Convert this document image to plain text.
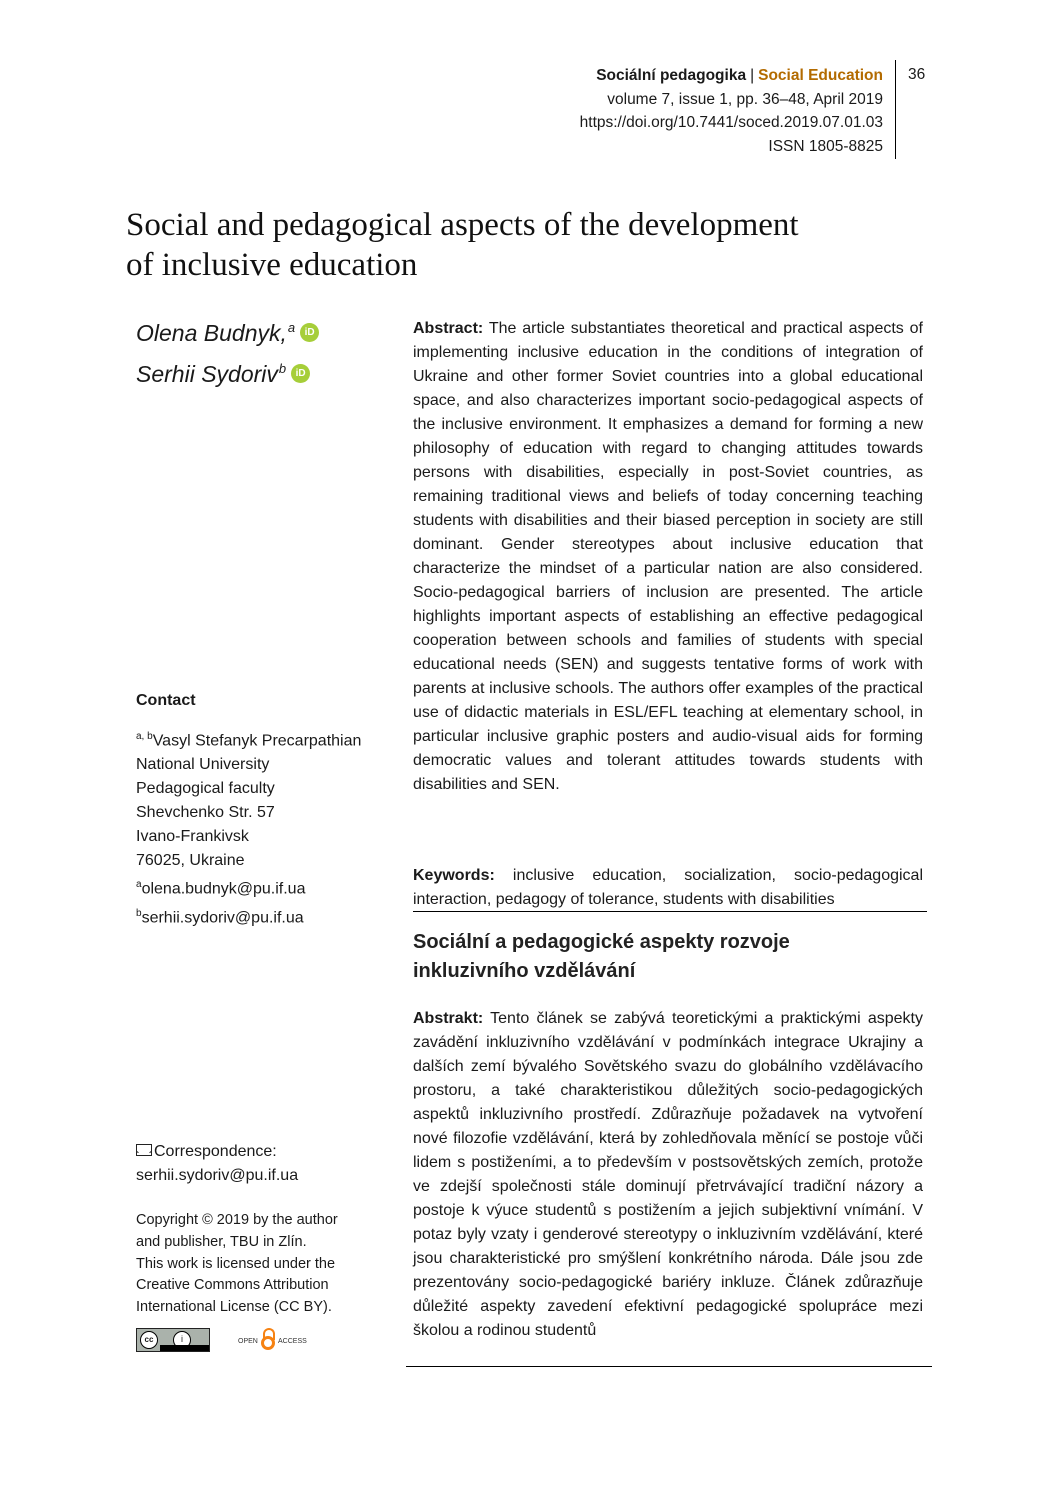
Sociální pedagogika | Social Education
volume 7, issue 1, pp. 36–48, April 2019
https://doi.org/10.7441/soced.2019.07.01.03
ISSN 1805-8825
36
Social and pedagogical aspects of the development
of inclusive education
Olena Budnyk,$^a$ iD
Serhii Sydoriv$^b$ iD
Contact
$^{a, b}$Vasyl Stefanyk Precarpathian
National University
Pedagogical faculty
Shevchenko Str. 57
Ivano-Frankivsk
76025, Ukraine
$^a$olena.budnyk@pu.if.ua
$^b$serhii.sydoriv@pu.if.ua
Correspondence:
serhii.sydoriv@pu.if.ua
Copyright © 2019 by the author
and publisher, TBU in Zlín.
This work is licensed under the
Creative Commons Attribution
International License (CC BY).
cc	i	OPEN	ACCESS
Abstract: The article substantiates theoretical and practical aspects of implementing inclusive education in the conditions of integration of Ukraine and other former Soviet countries into a global educational space, and also characterizes important socio-pedagogical aspects of the inclusive environment. It emphasizes a demand for forming a new philosophy of education with regard to changing attitudes towards persons with disabilities, especially in post-Soviet countries, as remaining traditional views and beliefs of today concerning teaching students with disabilities and their biased perception in society are still dominant. Gender stereotypes about inclusive education that characterize the mindset of a particular nation are also considered. Socio-pedagogical barriers of inclusion are presented. The article highlights important aspects of establishing an effective pedagogical cooperation between schools and families of students with special educational needs (SEN) and suggests tentative forms of work with parents at inclusive schools. The authors offer examples of the practical use of didactic materials in ESL/EFL teaching at elementary school, in particular inclusive graphic posters and audio-visual aids for forming democratic values and tolerant attitudes towards students with disabilities and SEN.
Keywords: inclusive education, socialization, socio-pedagogical interaction, pedagogy of tolerance, students with disabilities
Sociální a pedagogické aspekty rozvoje
inkluzivního vzdělávání
Abstrakt: Tento článek se zabývá teoretickými a praktickými aspekty zavádění inkluzivního vzdělávání v podmínkách integrace Ukrajiny a dalších zemí bývalého Sovětského svazu do globálního vzdělávacího prostoru, a také charakteristikou důležitých socio-pedagogických aspektů inkluzivního prostředí. Zdůrazňuje požadavek na vytvoření nové filozofie vzdělávání, která by zohledňovala měnící se postoje vůči lidem s postiženími, a to především v postsovětských zemích, protože ve zdejší společnosti stále dominují přetrvávající tradiční názory a postoje k výuce studentů s postižením a jejich subjektivní vnímání. V potaz byly vzaty i genderové stereotypy o inkluzivním vzdělávání, které jsou charakteristické pro smýšlení konkrétního národa. Dále jsou zde prezentovány socio-pedagogické bariéry inkluze. Článek zdůrazňuje důležité aspekty zavedení efektivní pedagogické spolupráce mezi školou a rodinou studentů
